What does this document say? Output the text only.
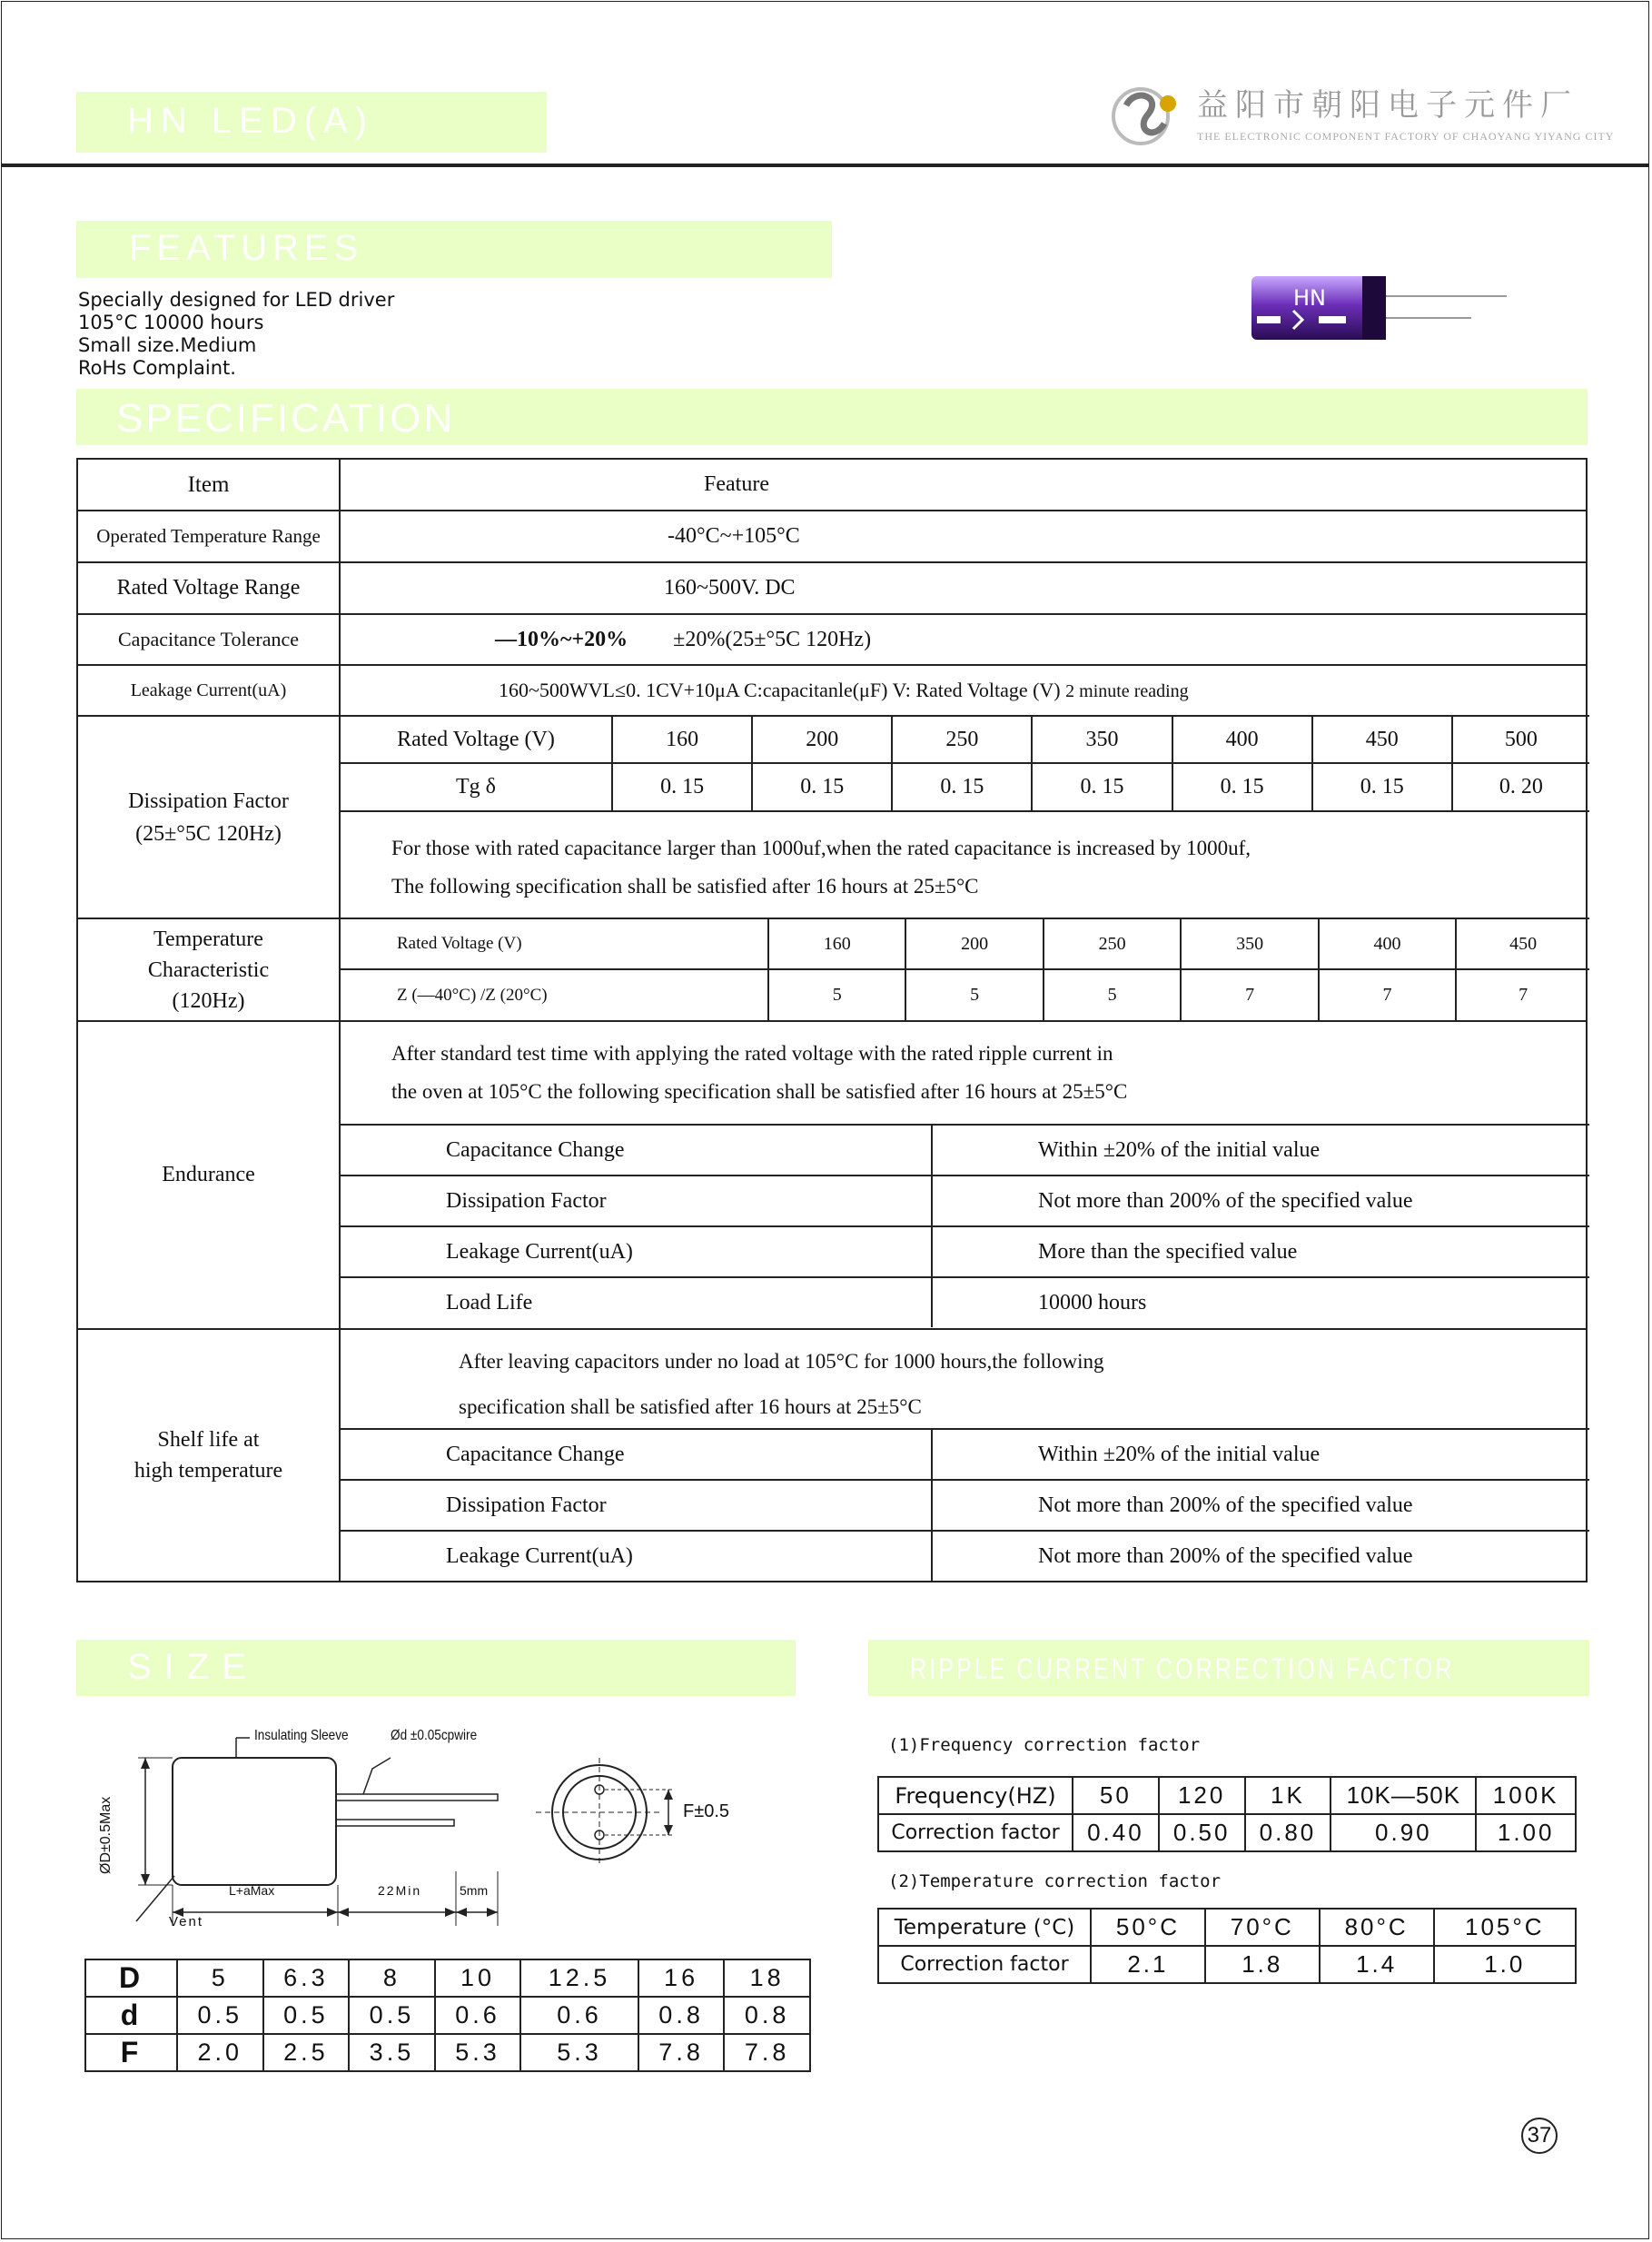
HN LED(A)	益阳市朝阳电子元件厂
THE ELECTRONIC COMPONENT FACTORY OF CHAOYANG YIYANG CITY
FEATURES
Specially designed for LED driver
105°C 10000 hours
Small size.Medium
RoHs Complaint.
HN
SPECIFICATION
Item	Feature
Operated Temperature Range	-40°C~+105°C
Rated Voltage Range	160~500V. DC
Capacitance Tolerance	—10%~+20% ±20%(25±°5C 120Hz)
Leakage Current(uA)	160~500WVL≤0. 1CV+10μA C:capacitanle(μF) V: Rated Voltage (V) 2 minute reading

Dissipation Factor
(25±°5C 120Hz)

Rated Voltage (V)	160	200	250	350	400	450	500
Tg δ	0. 15	0. 15	0. 15	0. 15	0. 15	0. 15	0. 20
For those with rated capacitance larger than 1000uf,when the rated capacitance is increased by 1000uf,
The following specification shall be satisfied after 16 hours at 25±5°C

Temperature
Characteristic
(120Hz)

Rated Voltage (V)	160	200	250	350	400	450
Z (—40°C) /Z (20°C)	5	5	5	7	7	7

Endurance	
After standard test time with applying the rated voltage with the rated ripple current in
the oven at 105°C the following specification shall be satisfied after 16 hours at 25±5°C
Capacitance Change	Within ±20% of the initial value
Dissipation Factor	Not more than 200% of the specified value
Leakage Current(uA)	More than the specified value
Load Life	10000 hours

Shelf life at
high temperature

After leaving capacitors under no load at 105°C for 1000 hours,the following
specification shall be satisfied after 16 hours at 25±5°C
Capacitance Change	Within ±20% of the initial value
Dissipation Factor	Not more than 200% of the specified value
Leakage Current(uA)	Not more than 200% of the specified value
SIZE
Insulating Sleeve	Ød ±0.05cpwire
ØD±0.5Max
L+aMax	22Min	5mm
Vent
F±0.5
D	5	6.3	8	10	12.5	16	18
d	0.5	0.5	0.5	0.6	0.6	0.8	0.8
F	2.0	2.5	3.5	5.3	5.3	7.8	7.8
RIPPLE CURRENT CORRECTION FACTOR
(1)Frequency correction factor
Frequency(HZ)	50	120	1K	10K—50K	100K
Correction factor	0.40	0.50	0.80	0.90	1.00
(2)Temperature correction factor
Temperature (°C)	50°C	70°C	80°C	105°C
Correction factor	2.1	1.8	1.4	1.0
37
